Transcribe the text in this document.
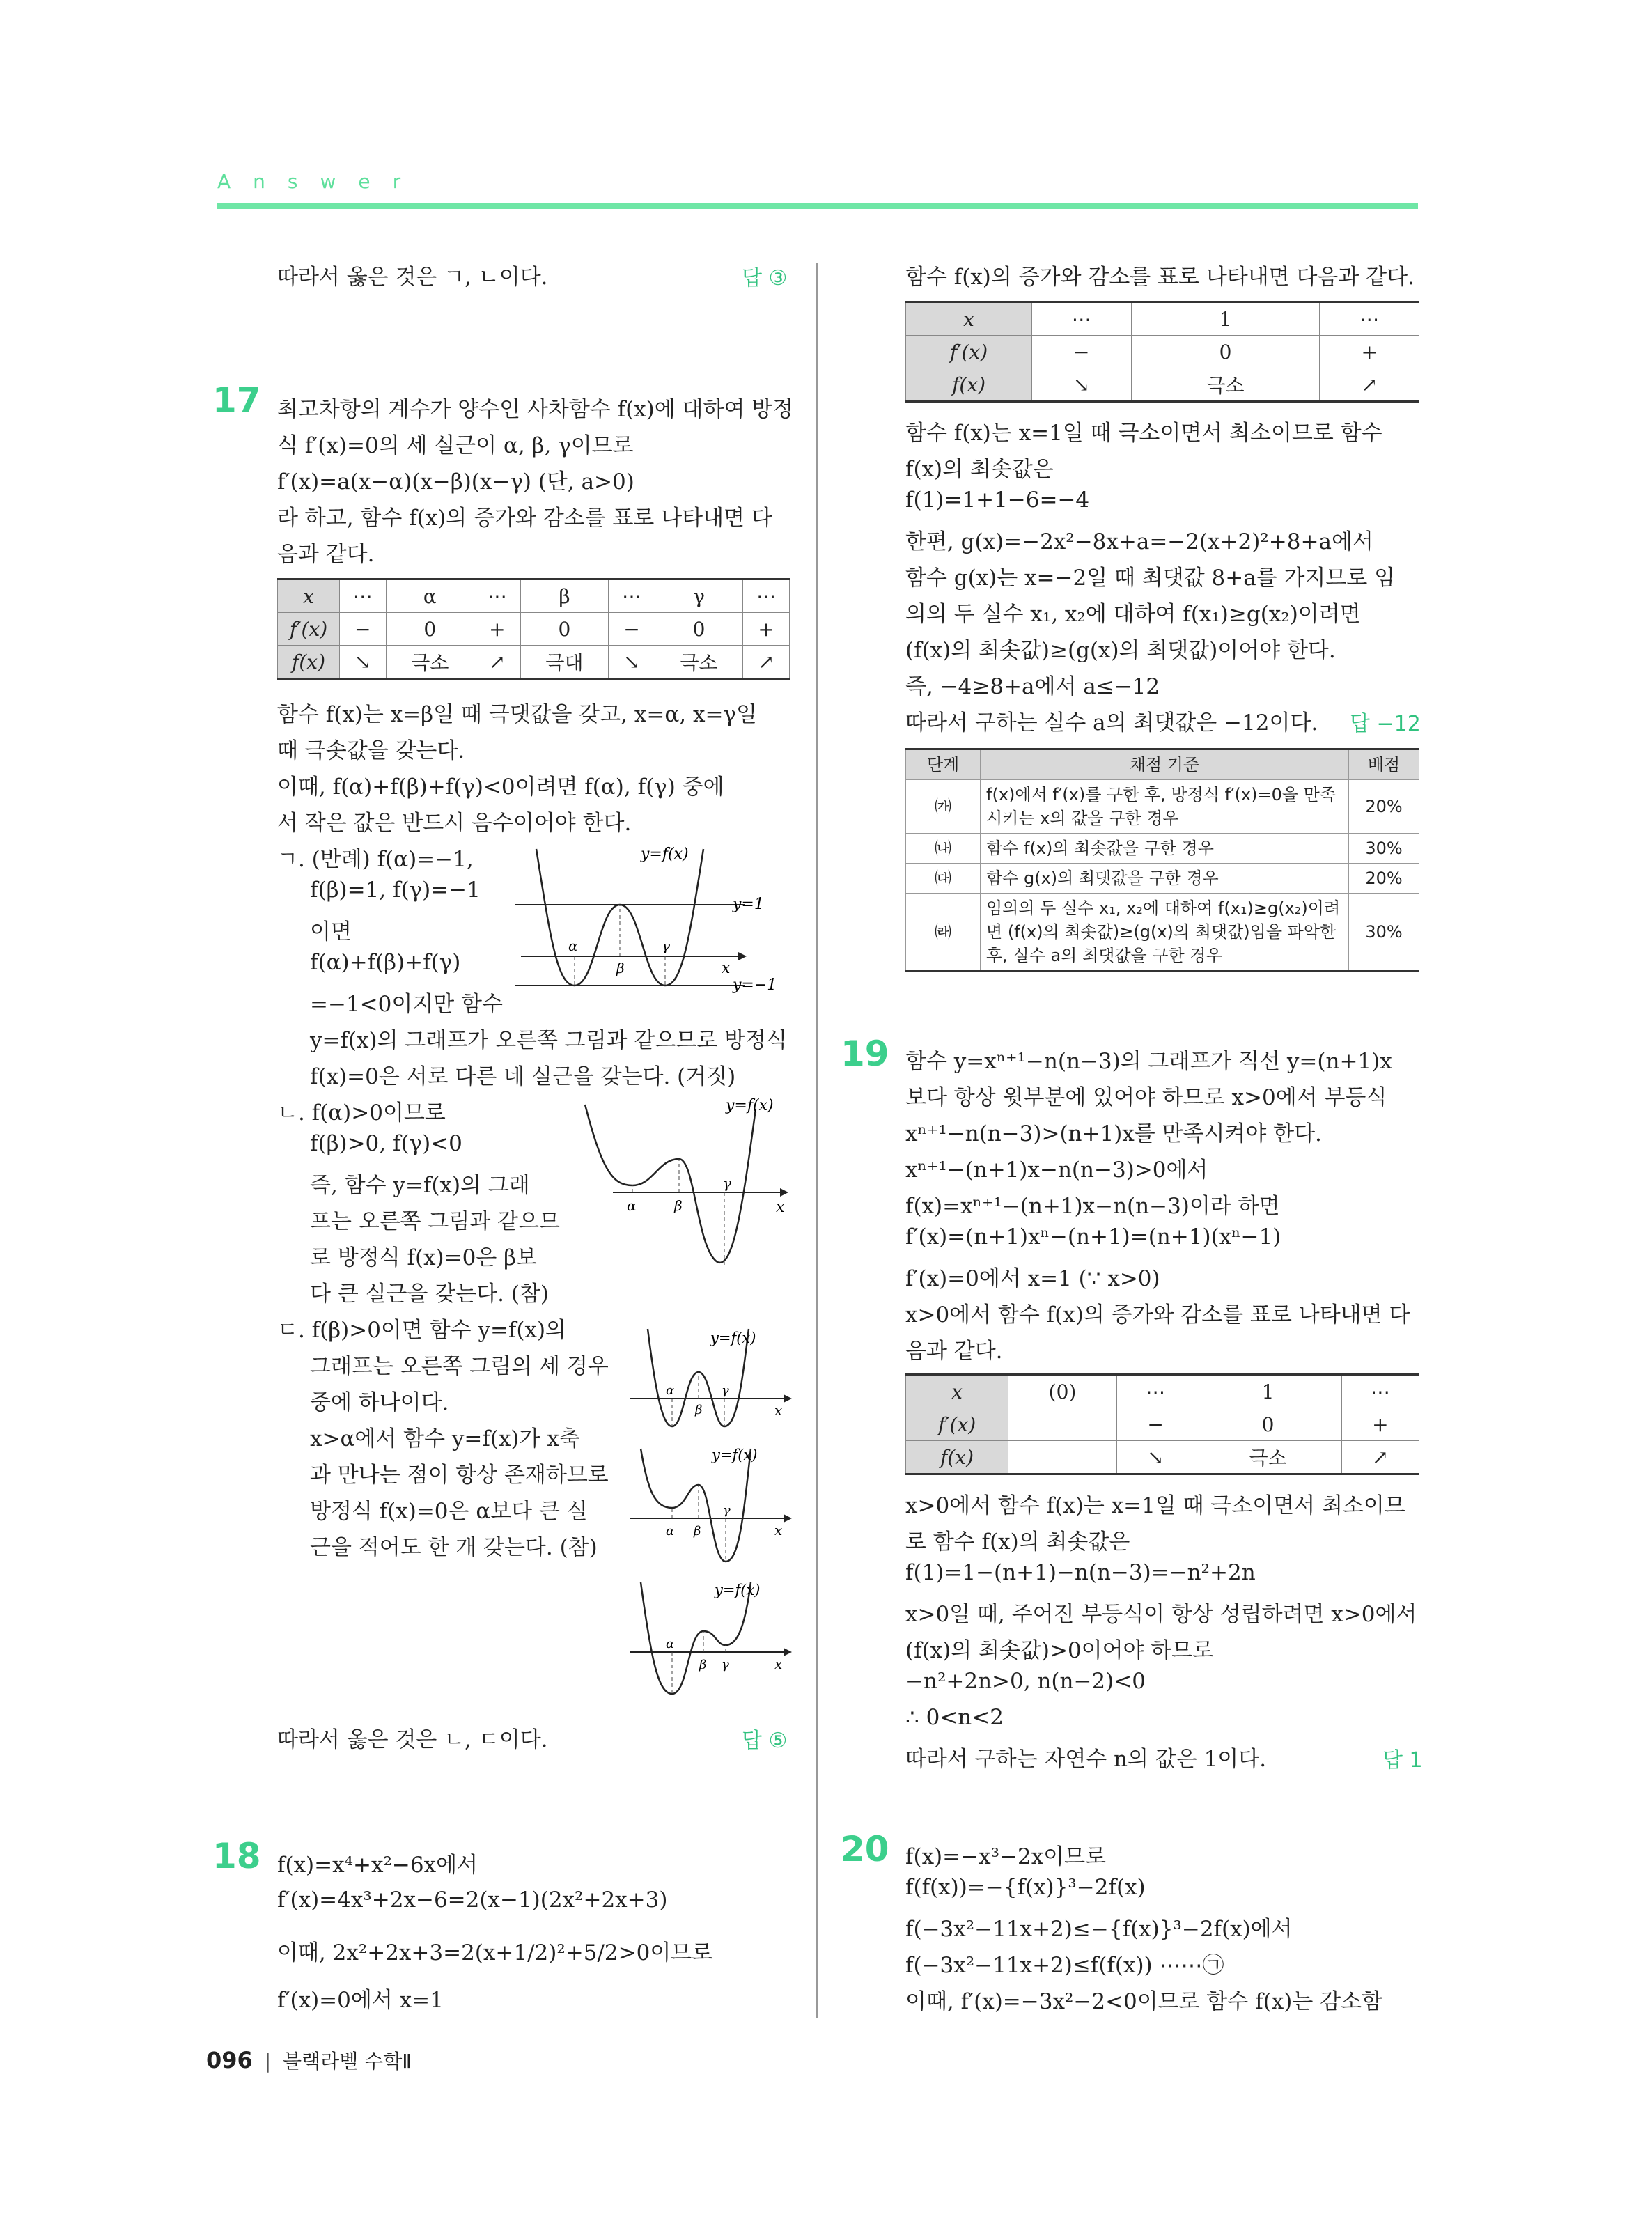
Answer
따라서 옳은 것은 ㄱ, ㄴ이다.	답 ③
17 최고차항의 계수가 양수인 사차함수 f(x)에 대하여 방정
식 f′(x)=0의 세 실근이 α, β, γ이므로
f′(x)=a(x−α)(x−β)(x−γ) (단, a>0)
라 하고, 함수 f(x)의 증가와 감소를 표로 나타내면 다
음과 같다.
x	⋯	α	⋯	β	⋯	γ	⋯
f′(x)	−	0	+	0	−	0	+
f(x)	↘	극소	↗	극대	↘	극소	↗
함수 f(x)는 x=β일 때 극댓값을 갖고, x=α, x=γ일
때 극솟값을 갖는다.
이때, f(α)+f(β)+f(γ)<0이려면 f(α), f(γ) 중에
서 작은 값은 반드시 음수이어야 한다.
ㄱ. (반례) f(α)=−1,
f(β)=1, f(γ)=−1
이면
f(α)+f(β)+f(γ)
=−1<0이지만 함수
y=f(x)의 그래프가 오른쪽 그림과 같으므로 방정식
f(x)=0은 서로 다른 네 실근을 갖는다. (거짓)
y=f(x)
y=1
y=−1
α
β
γ
x
ㄴ. f(α)>0이므로
f(β)>0, f(γ)<0
즉, 함수 y=f(x)의 그래
프는 오른쪽 그림과 같으므
로 방정식 f(x)=0은 β보
다 큰 실근을 갖는다. (참)
y=f(x)
α	β
γ
x
ㄷ. f(β)>0이면 함수 y=f(x)의
그래프는 오른쪽 그림의 세 경우
중에 하나이다.
x>α에서 함수 y=f(x)가 x축
과 만나는 점이 항상 존재하므로
방정식 f(x)=0은 α보다 큰 실
근을 적어도 한 개 갖는다. (참)
y=f(x)
α
β
γ
x
y=f(x)
α β
γ
x
y=f(x)
α
β γ	x
따라서 옳은 것은 ㄴ, ㄷ이다.	답 ⑤
18 f(x)=x⁴+x²−6x에서
f′(x)=4x³+2x−6=2(x−1)(2x²+2x+3)
이때, 2x²+2x+3=2(x+1/2)²+5/2>0이므로
f′(x)=0에서 x=1
함수 f(x)의 증가와 감소를 표로 나타내면 다음과 같다.
x	⋯	1	⋯
f′(x)	−	0	+
f(x)	↘	극소	↗
함수 f(x)는 x=1일 때 극소이면서 최소이므로 함수
f(x)의 최솟값은
f(1)=1+1−6=−4
한편, g(x)=−2x²−8x+a=−2(x+2)²+8+a에서
함수 g(x)는 x=−2일 때 최댓값 8+a를 가지므로 임
의의 두 실수 x₁, x₂에 대하여 f(x₁)≥g(x₂)이려면
(f(x)의 최솟값)≥(g(x)의 최댓값)이어야 한다.
즉, −4≥8+a에서 a≤−12
따라서 구하는 실수 a의 최댓값은 −12이다. 답 −12
단계	채점 기준	배점
㈎	f(x)에서 f′(x)를 구한 후, 방정식 f′(x)=0을 만족시키는 x의 값을 구한 경우	20%
㈏	함수 f(x)의 최솟값을 구한 경우	30%
㈐	함수 g(x)의 최댓값을 구한 경우	20%
㈑	임의의 두 실수 x₁, x₂에 대하여 f(x₁)≥g(x₂)이려면 (f(x)의 최솟값)≥(g(x)의 최댓값)임을 파악한 후, 실수 a의 최댓값을 구한 경우	30%
19 함수 y=xⁿ⁺¹−n(n−3)의 그래프가 직선 y=(n+1)x
보다 항상 윗부분에 있어야 하므로 x>0에서 부등식
xⁿ⁺¹−n(n−3)>(n+1)x를 만족시켜야 한다.
xⁿ⁺¹−(n+1)x−n(n−3)>0에서
f(x)=xⁿ⁺¹−(n+1)x−n(n−3)이라 하면
f′(x)=(n+1)xⁿ−(n+1)=(n+1)(xⁿ−1)
f′(x)=0에서 x=1 (∵ x>0)
x>0에서 함수 f(x)의 증가와 감소를 표로 나타내면 다
음과 같다.
x	(0)	⋯	1	⋯
f′(x)		−	0	+
f(x)		↘	극소	↗
x>0에서 함수 f(x)는 x=1일 때 극소이면서 최소이므
로 함수 f(x)의 최솟값은
f(1)=1−(n+1)−n(n−3)=−n²+2n
x>0일 때, 주어진 부등식이 항상 성립하려면 x>0에서
(f(x)의 최솟값)>0이어야 하므로
−n²+2n>0, n(n−2)<0
∴ 0<n<2
따라서 구하는 자연수 n의 값은 1이다.	답 1
20 f(x)=−x³−2x이므로
f(f(x))=−{f(x)}³−2f(x)
f(−3x²−11x+2)≤−{f(x)}³−2f(x)에서
f(−3x²−11x+2)≤f(f(x)) ⋯⋯㉠
이때, f′(x)=−3x²−2<0이므로 함수 f(x)는 감소함
096 | 블랙라벨 수학Ⅱ
